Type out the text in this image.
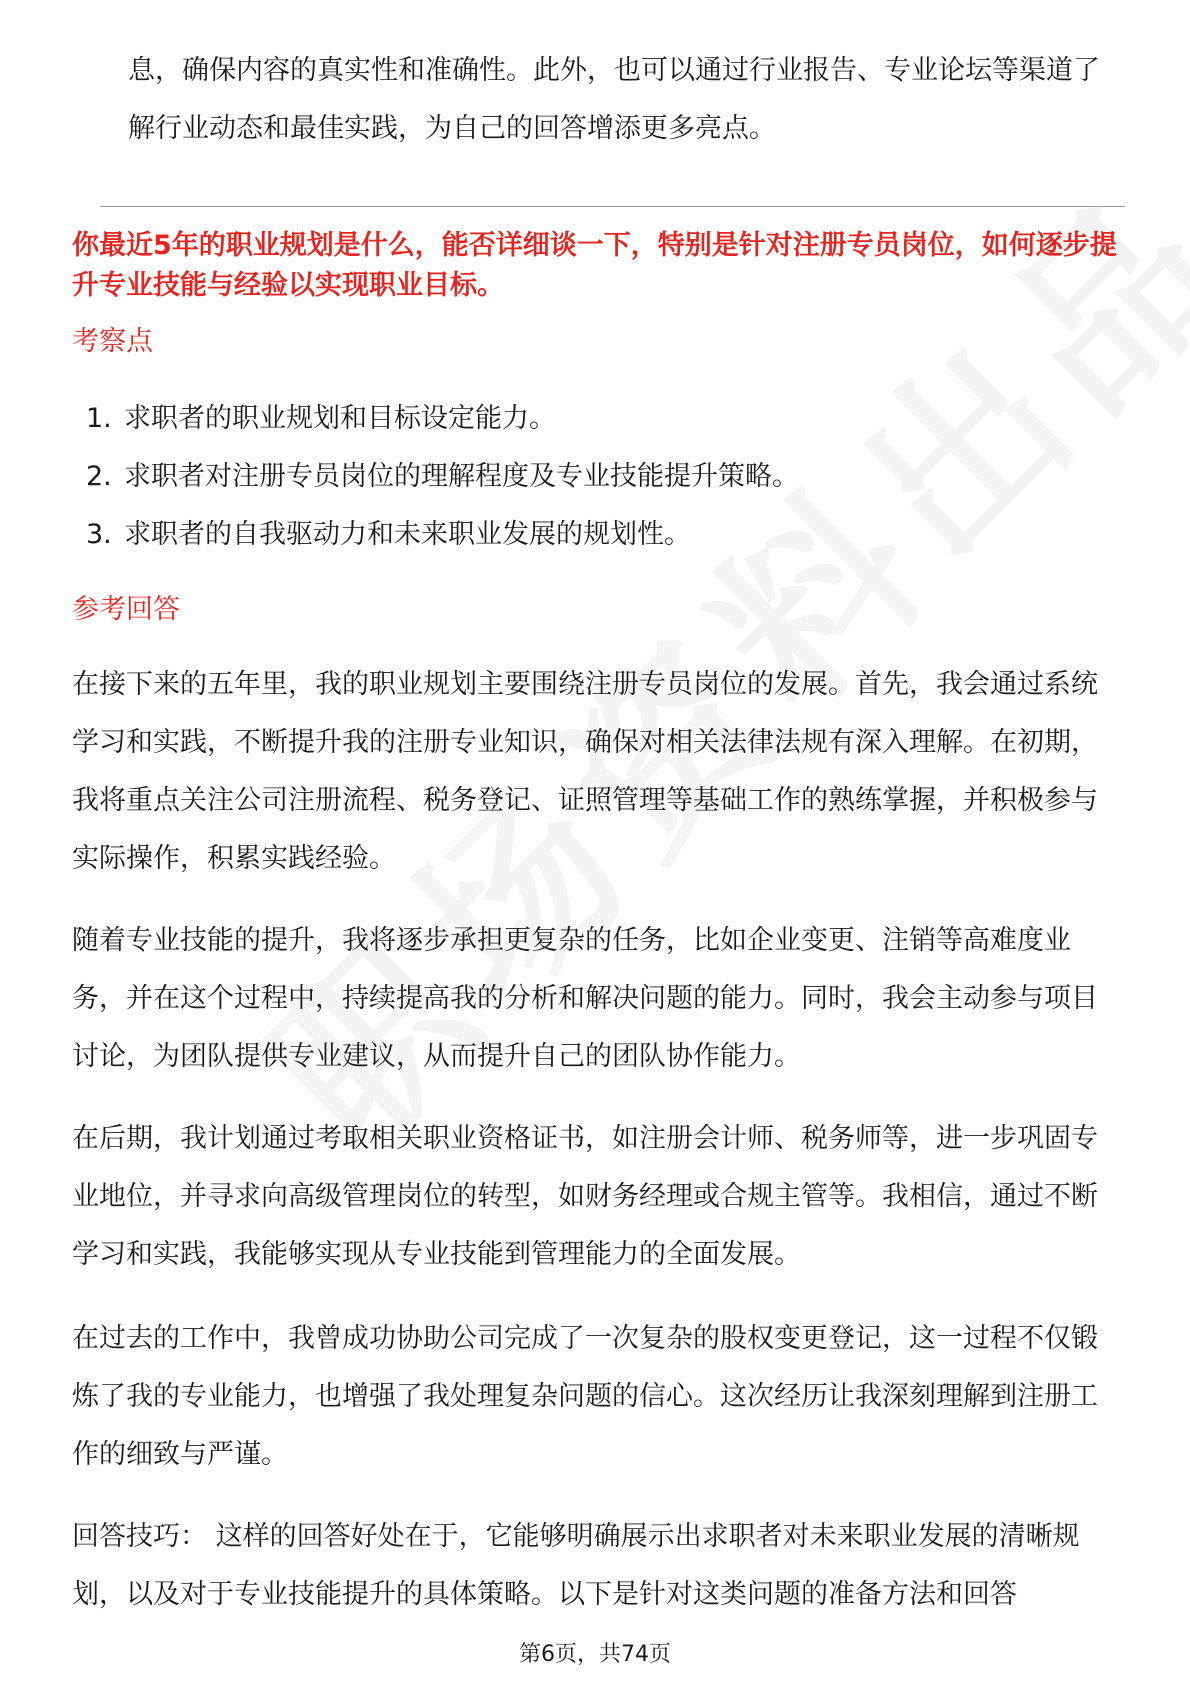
息，确保内容的真实性和准确性。此外，也可以通过行业报告、专业论坛等渠道了解行业动态和最佳实践，为自己的回答增添更多亮点。
你最近5年的职业规划是什么，能否详细谈一下，特别是针对注册专员岗位，如何逐步提升专业技能与经验以实现职业目标。
考察点
1. 求职者的职业规划和目标设定能力。
2. 求职者对注册专员岗位的理解程度及专业技能提升策略。
3. 求职者的自我驱动力和未来职业发展的规划性。
参考回答
在接下来的五年里，我的职业规划主要围绕注册专员岗位的发展。首先，我会通过系统学习和实践，不断提升我的注册专业知识，确保对相关法律法规有深入理解。在初期，我将重点关注公司注册流程、税务登记、证照管理等基础工作的熟练掌握，并积极参与实际操作，积累实践经验。
随着专业技能的提升，我将逐步承担更复杂的任务，比如企业变更、注销等高难度业务，并在这个过程中，持续提高我的分析和解决问题的能力。同时，我会主动参与项目讨论，为团队提供专业建议，从而提升自己的团队协作能力。
在后期，我计划通过考取相关职业资格证书，如注册会计师、税务师等，进一步巩固专业地位，并寻求向高级管理岗位的转型，如财务经理或合规主管等。我相信，通过不断学习和实践，我能够实现从专业技能到管理能力的全面发展。
在过去的工作中，我曾成功协助公司完成了一次复杂的股权变更登记，这一过程不仅锻炼了我的专业能力，也增强了我处理复杂问题的信心。这次经历让我深刻理解到注册工作的细致与严谨。
回答技巧： 这样的回答好处在于，它能够明确展示出求职者对未来职业发展的清晰规划，以及对于专业技能提升的具体策略。以下是针对这类问题的准备方法和回答
第6页，共74页
